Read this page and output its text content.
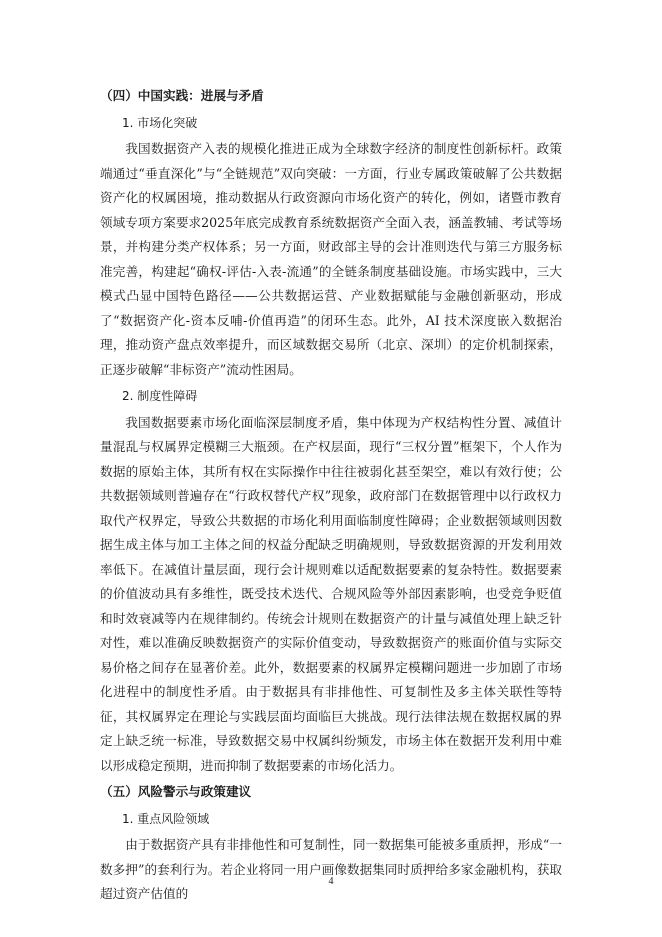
（四）中国实践：进展与矛盾
1. 市场化突破

我国数据资产入表的规模化推进正成为全球数字经济的制度性创新标杆。政策端通过“垂直深化”与“全链规范”双向突破：一方面，行业专属政策破解了公共数据资产化的权属困境，推动数据从行政资源向市场化资产的转化，例如，诸暨市教育领域专项方案要求2025年底完成教育系统数据资产全面入表，涵盖教辅、考试等场景，并构建分类产权体系；另一方面，财政部主导的会计准则迭代与第三方服务标准完善，构建起“确权-评估-入表-流通”的全链条制度基础设施。市场实践中，三大模式凸显中国特色路径——公共数据运营、产业数据赋能与金融创新驱动，形成了“数据资产化-资本反哺-价值再造”的闭环生态。此外，AI 技术深度嵌入数据治理，推动资产盘点效率提升，而区域数据交易所（北京、深圳）的定价机制探索，正逐步破解“非标资产”流动性困局。

2. 制度性障碍

我国数据要素市场化面临深层制度矛盾，集中体现为产权结构性分置、减值计量混乱与权属界定模糊三大瓶颈。在产权层面，现行“三权分置”框架下，个人作为数据的原始主体，其所有权在实际操作中往往被弱化甚至架空，难以有效行使；公共数据领域则普遍存在“行政权替代产权”现象，政府部门在数据管理中以行政权力取代产权界定，导致公共数据的市场化利用面临制度性障碍；企业数据领域则因数据生成主体与加工主体之间的权益分配缺乏明确规则，导致数据资源的开发利用效率低下。在减值计量层面，现行会计规则难以适配数据要素的复杂特性。数据要素的价值波动具有多维性，既受技术迭代、合规风险等外部因素影响，也受竞争贬值和时效衰减等内在规律制约。传统会计规则在数据资产的计量与减值处理上缺乏针对性，难以准确反映数据资产的实际价值变动，导致数据资产的账面价值与实际交易价格之间存在显著价差。此外，数据要素的权属界定模糊问题进一步加剧了市场化进程中的制度性矛盾。由于数据具有非排他性、可复制性及多主体关联性等特征，其权属界定在理论与实践层面均面临巨大挑战。现行法律法规在数据权属的界定上缺乏统一标准，导致数据交易中权属纠纷频发，市场主体在数据开发利用中难以形成稳定预期，进而抑制了数据要素的市场化活力。

（五）风险警示与政策建议
1. 重点风险领域

由于数据资产具有非排他性和可复制性，同一数据集可能被多重质押，形成“一数多押”的套利行为。若企业将同一用户画像数据集同时质押给多家金融机构，获取超过资产估值的

4
